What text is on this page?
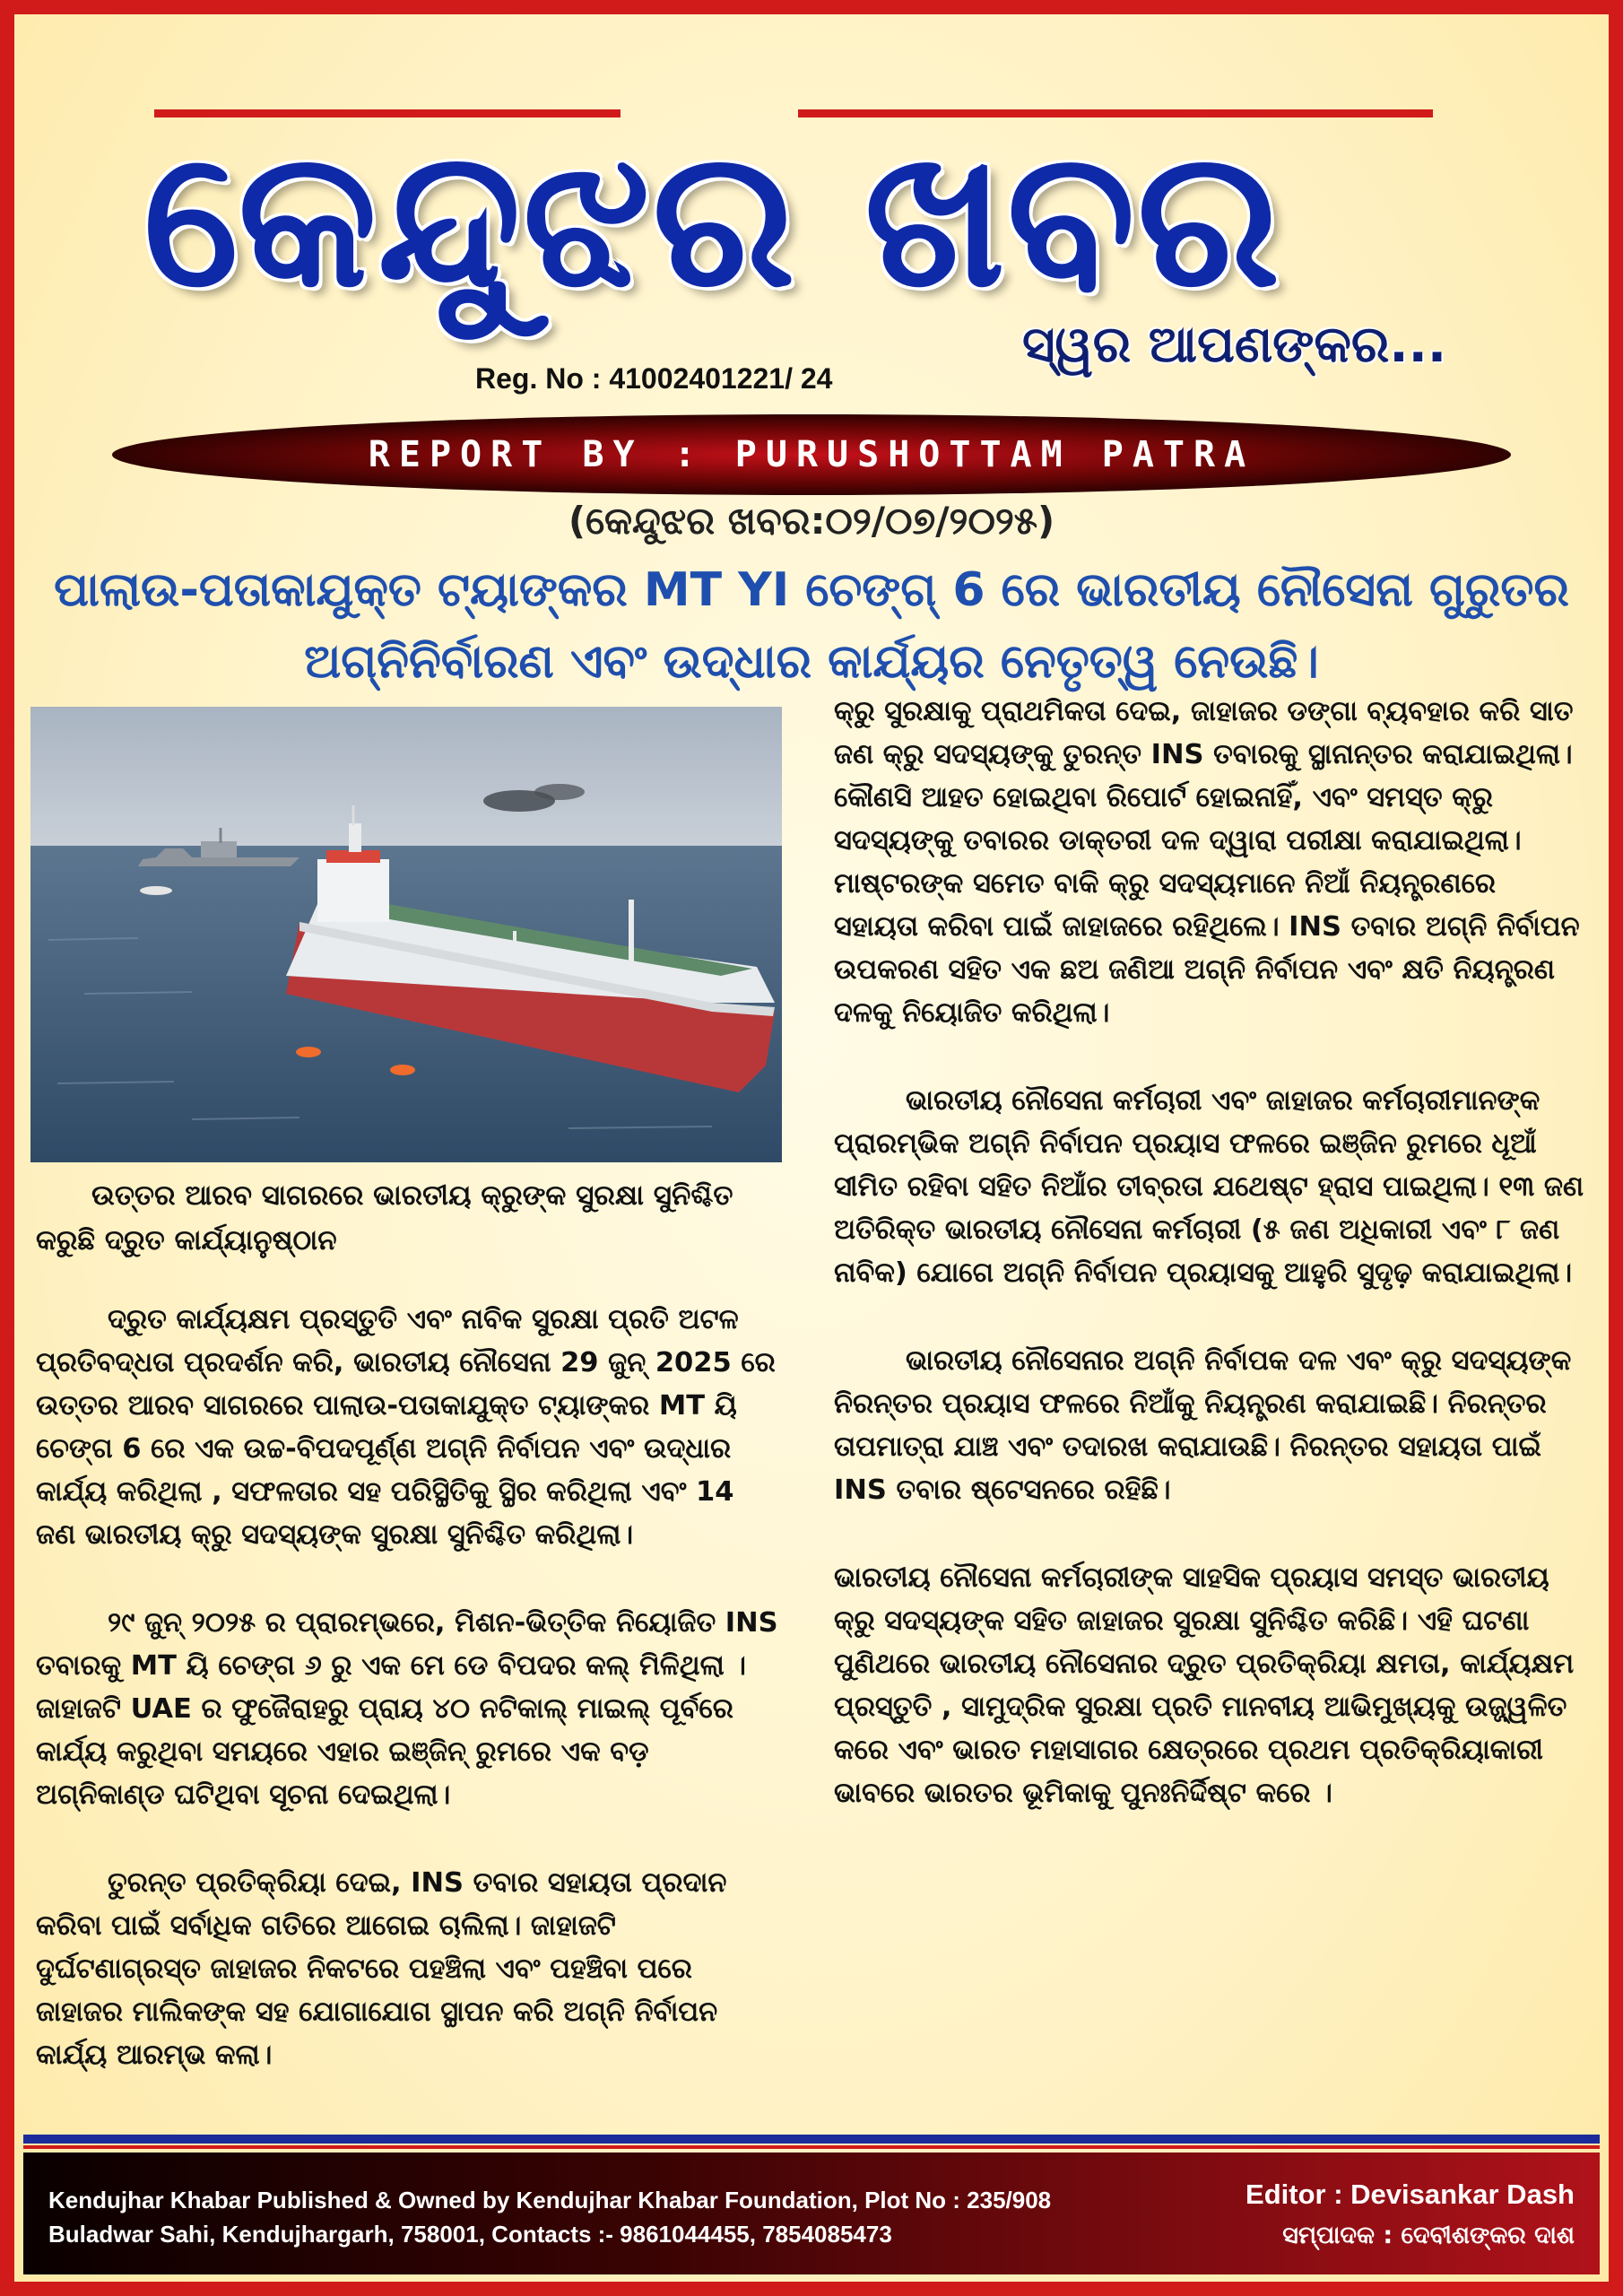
କେନ୍ଦୁଝର ଖବର
ସ୍ୱର ଆପଣଙ୍କର...
Reg. No : 41002401221/ 24
REPORT BY : PURUSHOTTAM PATRA
(କେନ୍ଦୁଝର ଖବର:୦୨/୦୭/୨୦୨୫)
ପାଲାଉ-ପତାକାଯୁକ୍ତ ଟ୍ୟାଙ୍କର MT YI ଚେଙ୍ଗ୍ 6 ରେ ଭାରତୀୟ ନୌସେନା ଗୁରୁତର
ଅଗ୍ନିନିର୍ବାରଣ ଏବଂ ଉଦ୍ଧାର କାର୍ଯ୍ୟର ନେତୃତ୍ୱ ନେଉଛି।
ଉତ୍ତର ଆରବ ସାଗରରେ ଭାରତୀୟ କ୍ରୁଙ୍କ ସୁରକ୍ଷା ସୁନିଶ୍ଚିତ କରୁଛି ଦ୍ରୁତ କାର୍ଯ୍ୟାନୁଷ୍ଠାନ

ଦ୍ରୁତ କାର୍ଯ୍ୟକ୍ଷମ ପ୍ରସ୍ତୁତି ଏବଂ ନାବିକ ସୁରକ୍ଷା ପ୍ରତି ଅଟଳ ପ୍ରତିବଦ୍ଧତା ପ୍ରଦର୍ଶନ କରି, ଭାରତୀୟ ନୌସେନା 29 ଜୁନ୍ 2025 ରେ ଉତ୍ତର ଆରବ ସାଗରରେ ପାଲାଉ-ପତାକାଯୁକ୍ତ ଟ୍ୟାଙ୍କର MT ୟି ଚେଙ୍ଗ 6 ରେ ଏକ ଉଚ୍ଚ-ବିପଦପୂର୍ଣ୍ଣ ଅଗ୍ନି ନିର୍ବାପନ ଏବଂ ଉଦ୍ଧାର କାର୍ଯ୍ୟ କରିଥିଲା , ସଫଳତାର ସହ ପରିସ୍ଥିତିକୁ ସ୍ଥିର କରିଥିଲା ଏବଂ 14 ଜଣ ଭାରତୀୟ କ୍ରୁ ସଦସ୍ୟଙ୍କ ସୁରକ୍ଷା ସୁନିଶ୍ଚିତ କରିଥିଲା।

୨୯ ଜୁନ୍ ୨୦୨୫ ର ପ୍ରାରମ୍ଭରେ, ମିଶନ-ଭିତ୍ତିକ ନିୟୋଜିତ INS ତବାରକୁ MT ୟି ଚେଙ୍ଗ ୬ ରୁ ଏକ ମେ ଡେ ବିପଦର କଲ୍ ମିଳିଥିଲା । ଜାହାଜଟି UAE ର ଫୁଜୈରାହରୁ ପ୍ରାୟ ୪୦ ନଟିକାଲ୍ ମାଇଲ୍ ପୂର୍ବରେ କାର୍ଯ୍ୟ କରୁଥିବା ସମୟରେ ଏହାର ଇଞ୍ଜିନ୍ ରୁମରେ ଏକ ବଡ଼ ଅଗ୍ନିକାଣ୍ଡ ଘଟିଥିବା ସୂଚନା ଦେଇଥିଲା।

ତୁରନ୍ତ ପ୍ରତିକ୍ରିୟା ଦେଇ, INS ତବାର ସହାୟତା ପ୍ରଦାନ କରିବା ପାଇଁ ସର୍ବାଧିକ ଗତିରେ ଆଗେଇ ଚାଲିଲା। ଜାହାଜଟି ଦୁର୍ଘଟଣାଗ୍ରସ୍ତ ଜାହାଜର ନିକଟରେ ପହଞ୍ଚିଲା ଏବଂ ପହଞ୍ଚିବା ପରେ ଜାହାଜର ମାଲିକଙ୍କ ସହ ଯୋଗାଯୋଗ ସ୍ଥାପନ କରି ଅଗ୍ନି ନିର୍ବାପନ କାର୍ଯ୍ୟ ଆରମ୍ଭ କଲା।

କ୍ରୁ ସୁରକ୍ଷାକୁ ପ୍ରାଥମିକତା ଦେଇ, ଜାହାଜର ଡଙ୍ଗା ବ୍ୟବହାର କରି ସାତ ଜଣ କ୍ରୁ ସଦସ୍ୟଙ୍କୁ ତୁରନ୍ତ INS ତବାରକୁ ସ୍ଥାନାନ୍ତର କରାଯାଇଥିଲା। କୌଣସି ଆହତ ହୋଇଥିବା ରିପୋର୍ଟ ହୋଇନାହିଁ, ଏବଂ ସମସ୍ତ କ୍ରୁ ସଦସ୍ୟଙ୍କୁ ତବାରର ଡାକ୍ତରୀ ଦଳ ଦ୍ୱାରା ପରୀକ୍ଷା କରାଯାଇଥିଲା। ମାଷ୍ଟରଙ୍କ ସମେତ ବାକି କ୍ରୁ ସଦସ୍ୟମାନେ ନିଆଁ ନିୟନ୍ତ୍ରଣରେ ସହାୟତା କରିବା ପାଇଁ ଜାହାଜରେ ରହିଥିଲେ। INS ତବାର ଅଗ୍ନି ନିର୍ବାପନ ଉପକରଣ ସହିତ ଏକ ଛଅ ଜଣିଆ ଅଗ୍ନି ନିର୍ବାପନ ଏବଂ କ୍ଷତି ନିୟନ୍ତ୍ରଣ ଦଳକୁ ନିୟୋଜିତ କରିଥିଲା।

ଭାରତୀୟ ନୌସେନା କର୍ମଚାରୀ ଏବଂ ଜାହାଜର କର୍ମଚାରୀମାନଙ୍କ ପ୍ରାରମ୍ଭିକ ଅଗ୍ନି ନିର୍ବାପନ ପ୍ରୟାସ ଫଳରେ ଇଞ୍ଜିନ ରୁମରେ ଧୂଆଁ ସୀମିତ ରହିବା ସହିତ ନିଆଁର ତୀବ୍ରତା ଯଥେଷ୍ଟ ହ୍ରାସ ପାଇଥିଲା। ୧୩ ଜଣ ଅତିରିକ୍ତ ଭାରତୀୟ ନୌସେନା କର୍ମଚାରୀ (୫ ଜଣ ଅଧିକାରୀ ଏବଂ ୮ ଜଣ ନାବିକ) ଯୋଗେ ଅଗ୍ନି ନିର୍ବାପନ ପ୍ରୟାସକୁ ଆହୁରି ସୁଦୃଢ଼ କରାଯାଇଥିଲା।

ଭାରତୀୟ ନୌସେନାର ଅଗ୍ନି ନିର୍ବାପକ ଦଳ ଏବଂ କ୍ରୁ ସଦସ୍ୟଙ୍କ ନିରନ୍ତର ପ୍ରୟାସ ଫଳରେ ନିଆଁକୁ ନିୟନ୍ତ୍ରଣ କରାଯାଇଛି। ନିରନ୍ତର ତାପମାତ୍ରା ଯାଞ୍ଚ ଏବଂ ତଦାରଖ କରାଯାଉଛି। ନିରନ୍ତର ସହାୟତା ପାଇଁ INS ତବାର ଷ୍ଟେସନରେ ରହିଛି।

ଭାରତୀୟ ନୌସେନା କର୍ମଚାରୀଙ୍କ ସାହସିକ ପ୍ରୟାସ ସମସ୍ତ ଭାରତୀୟ କ୍ରୁ ସଦସ୍ୟଙ୍କ ସହିତ ଜାହାଜର ସୁରକ୍ଷା ସୁନିଶ୍ଚିତ କରିଛି। ଏହି ଘଟଣା ପୁଣିଥରେ ଭାରତୀୟ ନୌସେନାର ଦ୍ରୁତ ପ୍ରତିକ୍ରିୟା କ୍ଷମତା, କାର୍ଯ୍ୟକ୍ଷମ ପ୍ରସ୍ତୁତି , ସାମୁଦ୍ରିକ ସୁରକ୍ଷା ପ୍ରତି ମାନବୀୟ ଆଭିମୁଖ୍ୟକୁ ଉଜ୍ଜ୍ୱଳିତ କରେ ଏବଂ ଭାରତ ମହାସାଗର କ୍ଷେତ୍ରରେ ପ୍ରଥମ ପ୍ରତିକ୍ରିୟାକାରୀ ଭାବରେ ଭାରତର ଭୂମିକାକୁ ପୁନଃନିର୍ଦ୍ଦିଷ୍ଟ କରେ ।

Kendujhar Khabar Published & Owned by Kendujhar Khabar Foundation, Plot No : 235/908
Buladwar Sahi, Kendujhargarh, 758001, Contacts :- 9861044455, 7854085473
Editor : Devisankar Dash
ସମ୍ପାଦକ : ଦେବୀଶଙ୍କର ଦାଶ
